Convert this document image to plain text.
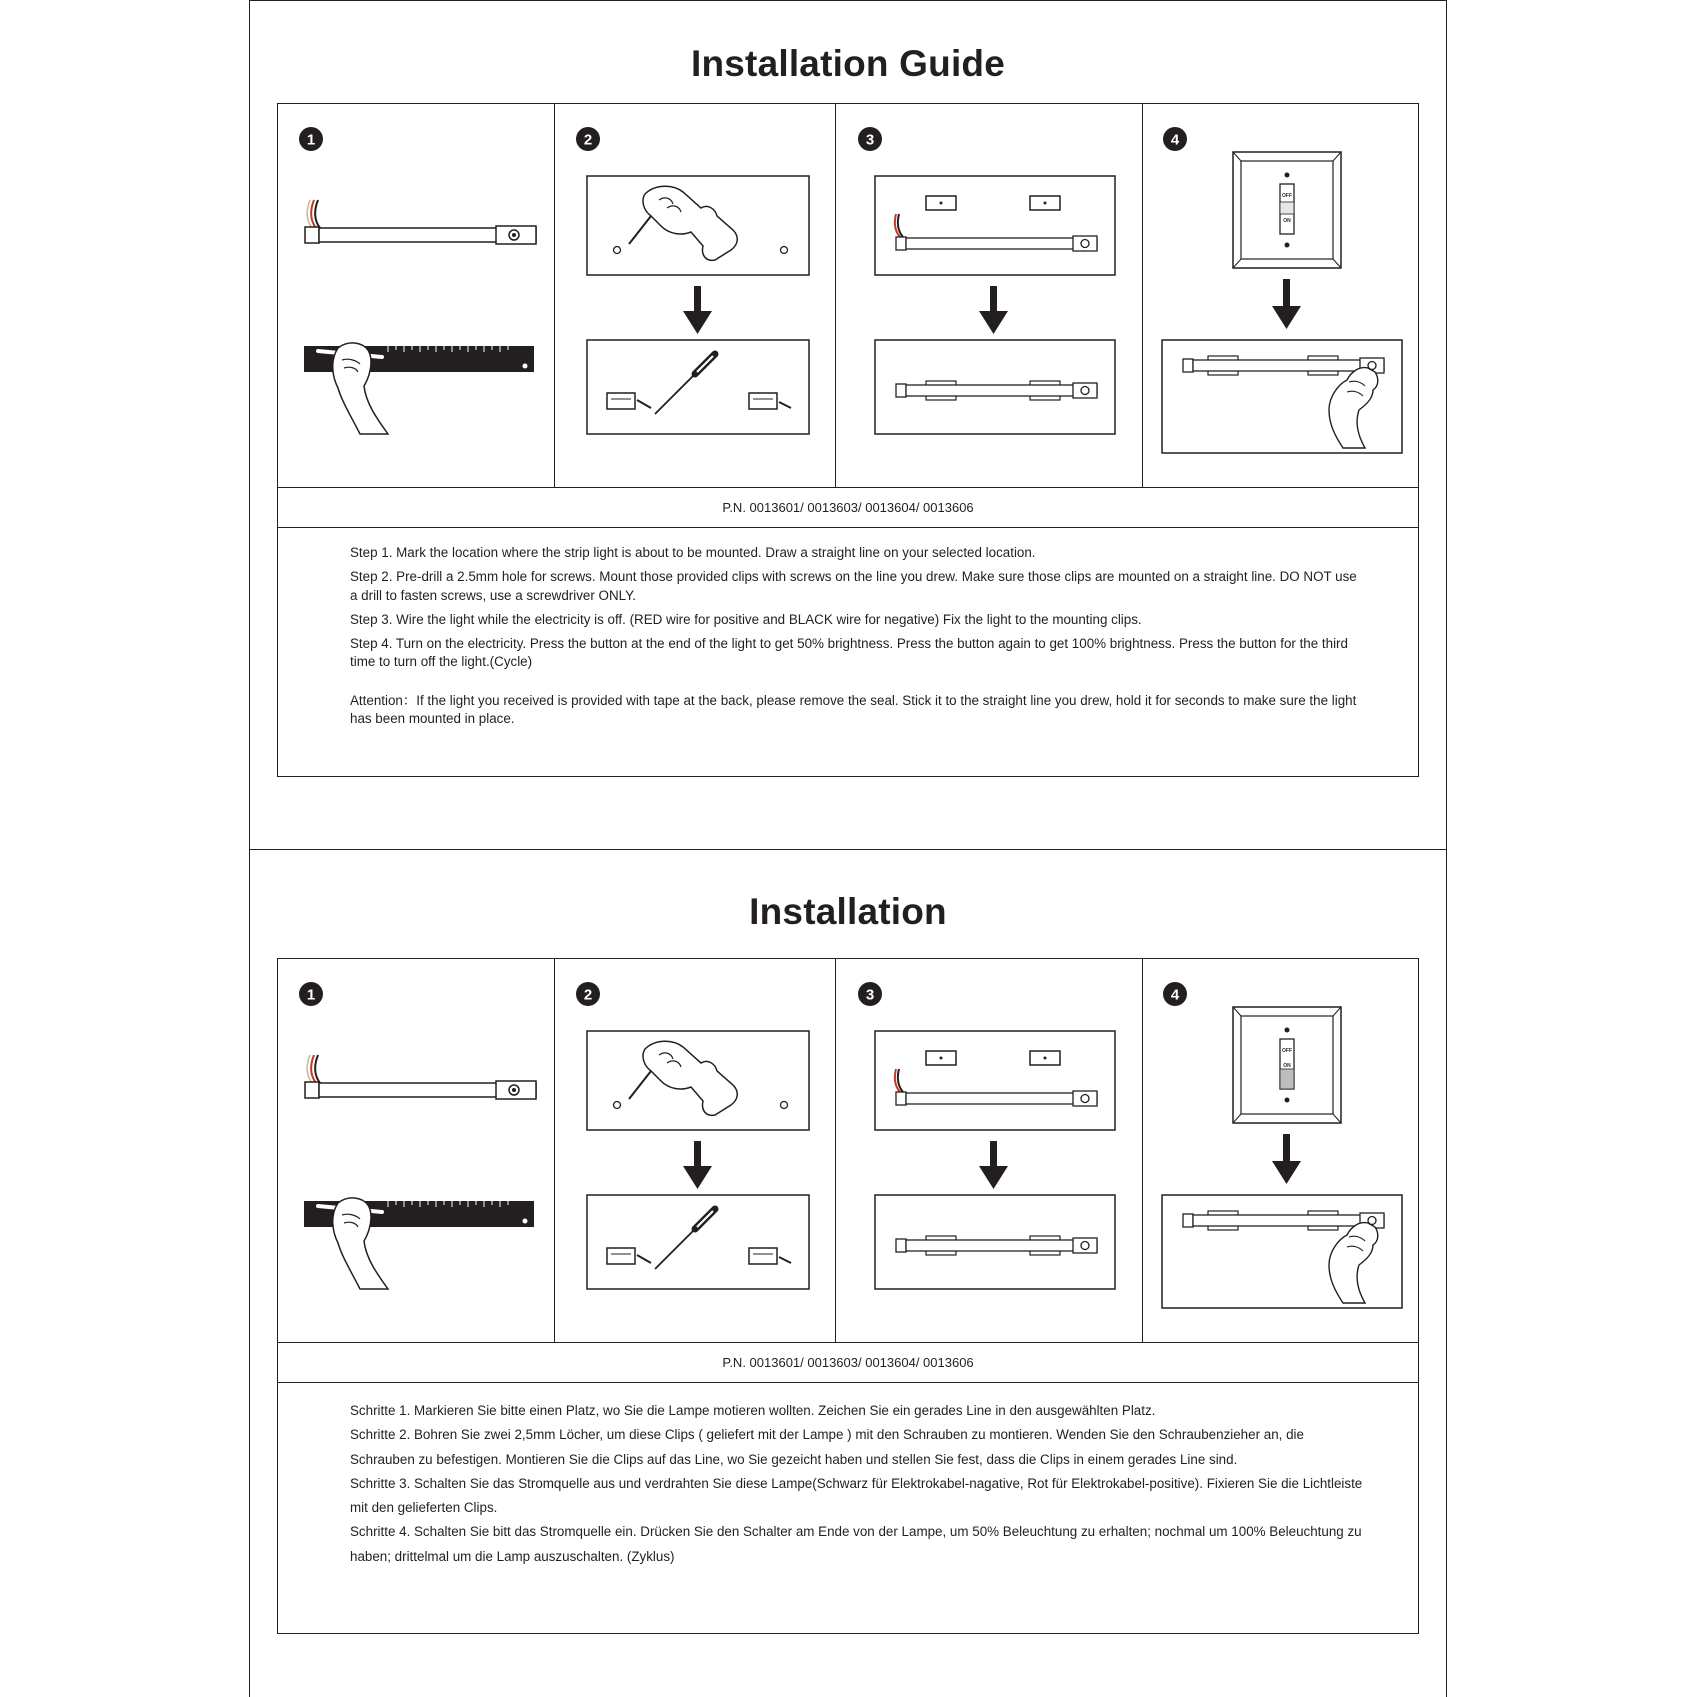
Installation Guide
1	2	3	4
OFF
ON
P.N. 0013601/ 0013603/ 0013604/ 0013606

Step 1. Mark the location where the strip light is about to be mounted. Draw a straight line on your selected location.

Step 2. Pre-drill a 2.5mm hole for screws. Mount those provided clips with screws on the line you drew. Make sure those clips are mounted on a straight line. DO NOT use a drill to fasten screws, use a screwdriver ONLY.

Step 3. Wire the light while the electricity is off. (RED wire for positive and BLACK wire for negative) Fix the light to the mounting clips.

Step 4. Turn on the electricity. Press the button at the end of the light to get 50% brightness. Press the button again to get 100% brightness. Press the button for the third time to turn off the light.(Cycle)

Attention：If the light you received is provided with tape at the back, please remove the seal. Stick it to the straight line you drew, hold it for seconds to make sure the light has been mounted in place.

Installation
1	2	3	4
OFF
ON
P.N. 0013601/ 0013603/ 0013604/ 0013606

Schritte 1. Markieren Sie bitte einen Platz, wo Sie die Lampe motieren wollten. Zeichen Sie ein gerades Line in den ausgewählten Platz.

Schritte 2. Bohren Sie zwei 2,5mm Löcher, um diese Clips ( geliefert mit der Lampe ) mit den Schrauben zu montieren. Wenden Sie den Schraubenzieher an, die Schrauben zu befestigen. Montieren Sie die Clips auf das Line, wo Sie gezeicht haben und stellen Sie fest, dass die Clips in einem gerades Line sind.

Schritte 3. Schalten Sie das Stromquelle aus und verdrahten Sie diese Lampe(Schwarz für Elektrokabel-nagative, Rot für Elektrokabel-positive). Fixieren Sie die Lichtleiste mit den gelieferten Clips.

Schritte 4. Schalten Sie bitt das Stromquelle ein. Drücken Sie den Schalter am Ende von der Lampe, um 50% Beleuchtung zu erhalten; nochmal um 100% Beleuchtung zu haben; drittelmal um die Lamp auszuschalten. (Zyklus)
